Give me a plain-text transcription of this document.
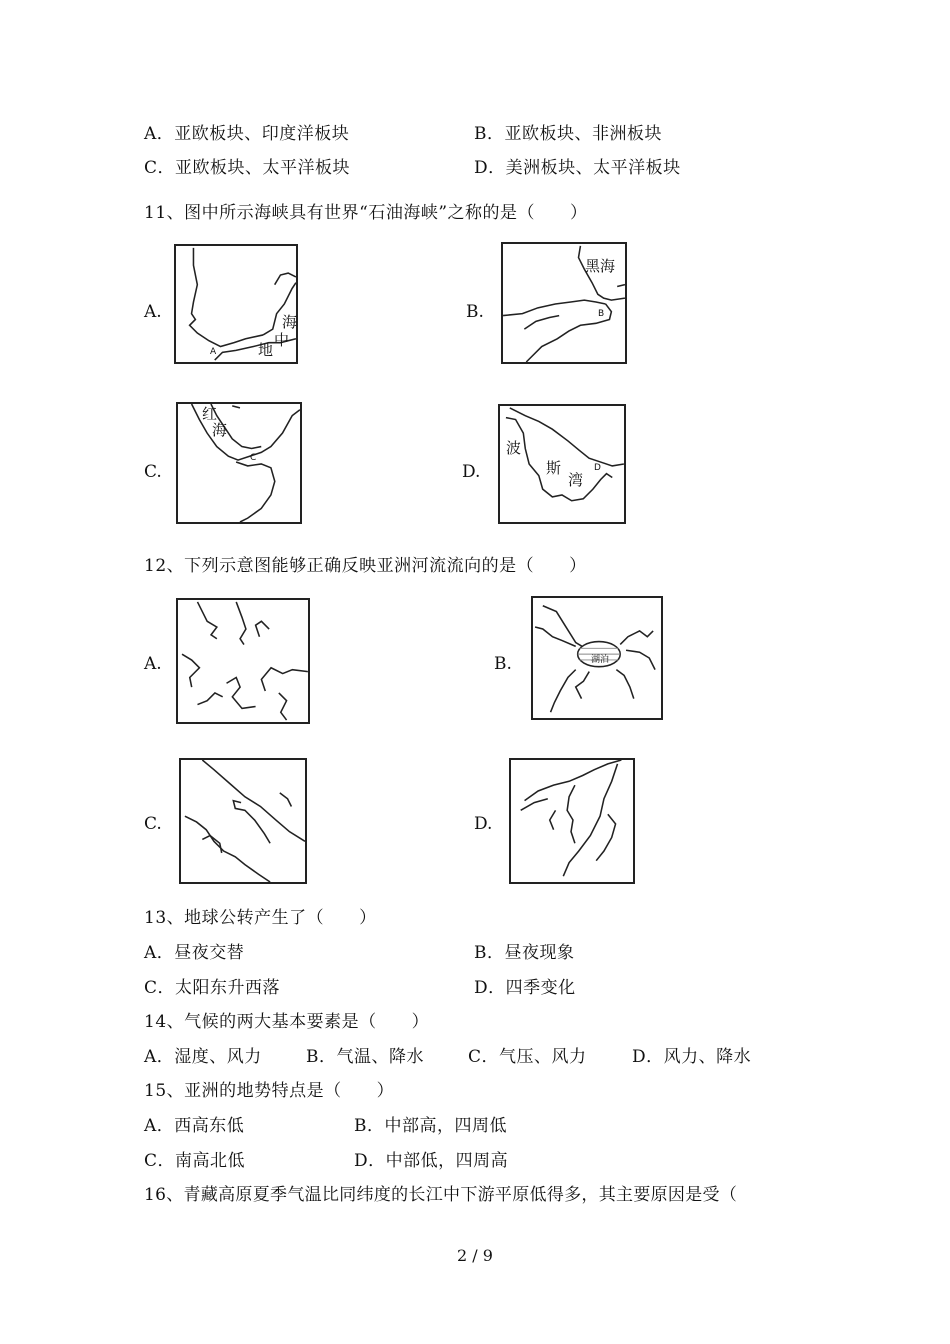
A．亚欧板块、印度洋板块	B．亚欧板块、非洲板块
C．亚欧板块、太平洋板块	D．美洲板块、太平洋板块
11、图中所示海峡具有世界“石油海峡”之称的是（　　）
A.	海
中
地
A
B.
黑海
B
C.
红
海
C
D.
波
斯
湾
D
12、下列示意图能够正确反映亚洲河流流向的是（　　）
A.	B.	湖泊
C.	D.
13、地球公转产生了（　　）
A．昼夜交替	B．昼夜现象
C．太阳东升西落	D．四季变化
14、气候的两大基本要素是（　　）
A．湿度、风力	B．气温、降水	C．气压、风力	D．风力、降水
15、亚洲的地势特点是（　　）
A．西高东低	B．中部高，四周低
C．南高北低	D．中部低，四周高
16、青藏高原夏季气温比同纬度的长江中下游平原低得多，其主要原因是受（
2 / 9
